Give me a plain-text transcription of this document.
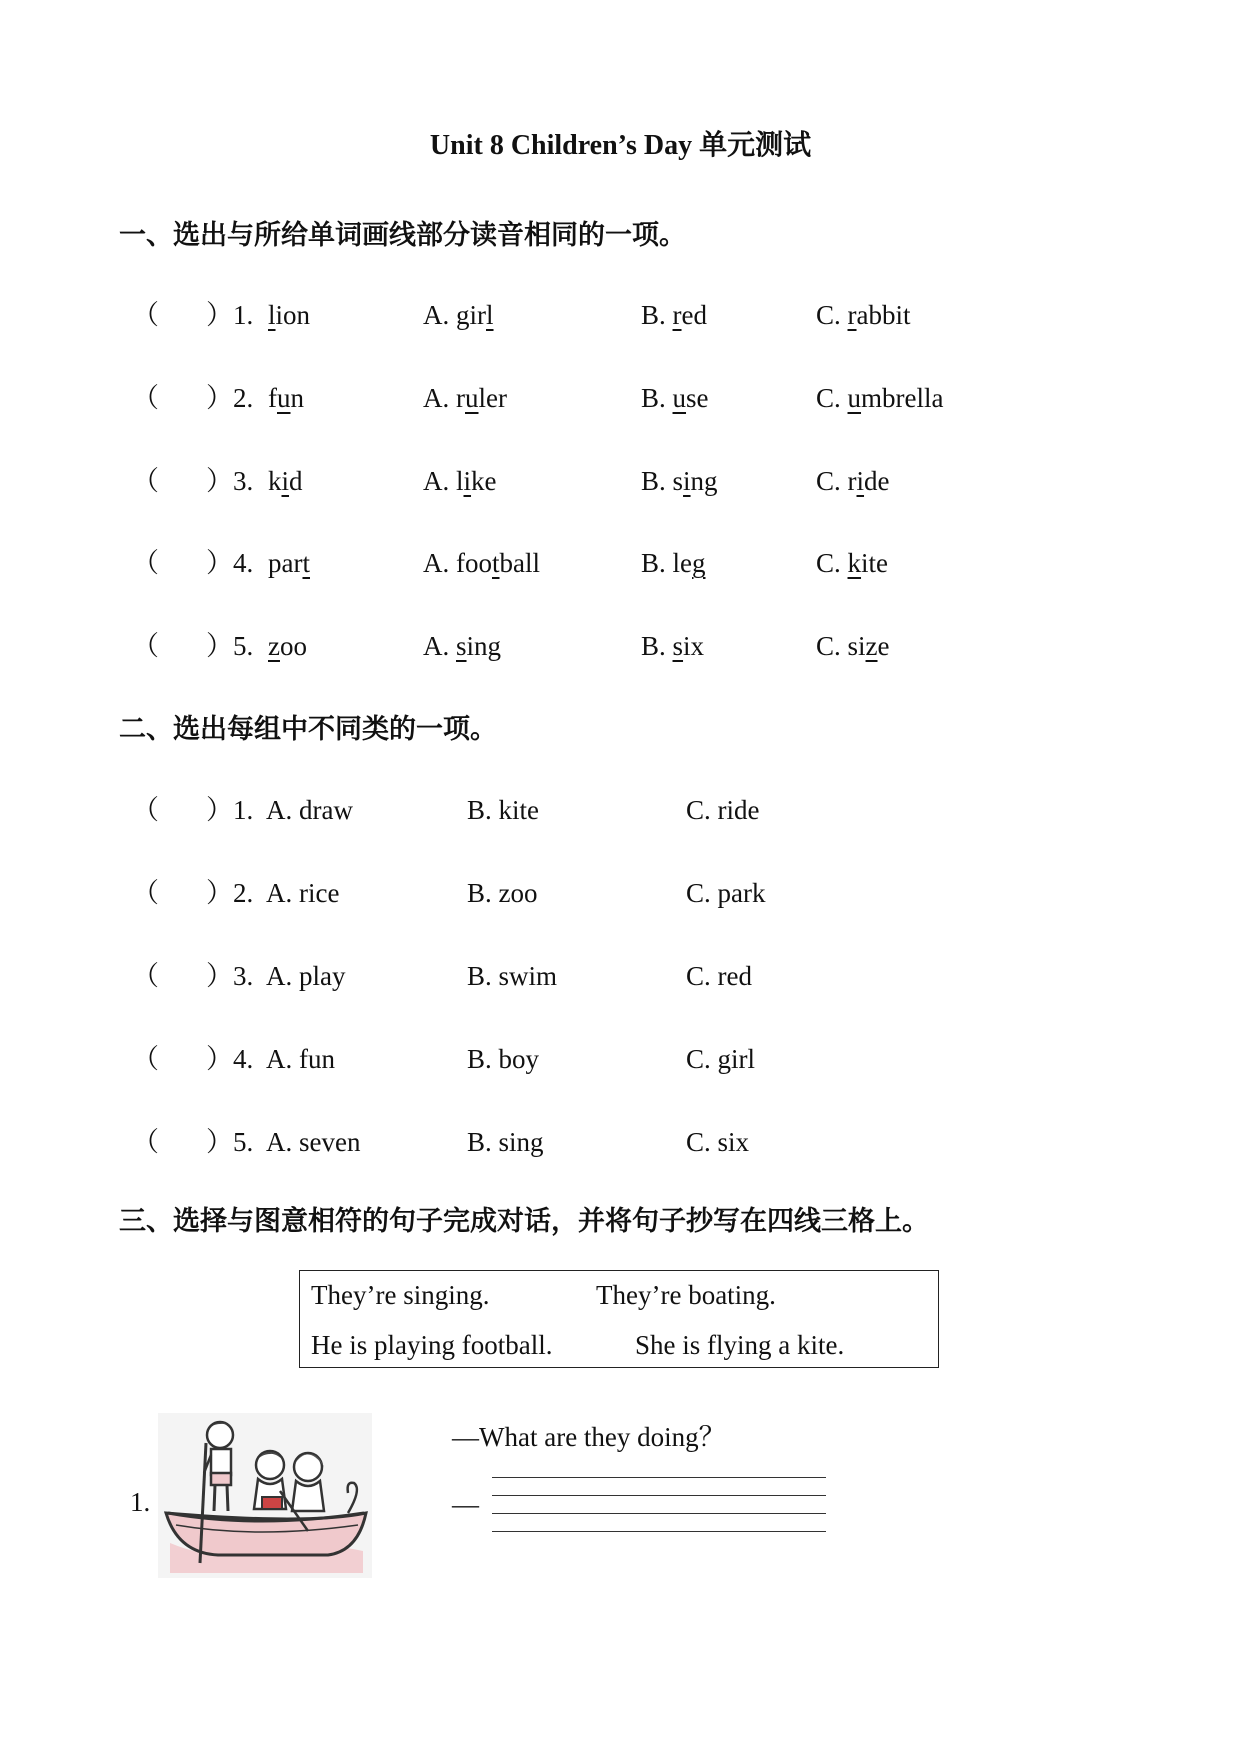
Unit 8 Children’s Day 单元测试
一、选出与所给单词画线部分读音相同的一项。
（ ） 1. lion	A. girl	B. red	C. rabbit
（ ） 2. fun	A. ruler	B. use	C. umbrella
（ ） 3. kid	A. like	B. sing	C. ride
（ ） 4. part	A. football	B. leg	C. kite
（ ） 5. zoo	A. sing	B. six	C. size
二、选出每组中不同类的一项。
（ ） 1. A. draw	B. kite	C. ride
（ ） 2. A. rice	B. zoo	C. park
（ ） 3. A. play	B. swim	C. red
（ ） 4. A. fun	B. boy	C. girl
（ ） 5. A. seven	B. sing	C. six
三、选择与图意相符的句子完成对话，并将句子抄写在四线三格上。
They’re singing.	They’re boating.
He is playing football.	She is flying a kite.
1.
—What are they doing？
—
